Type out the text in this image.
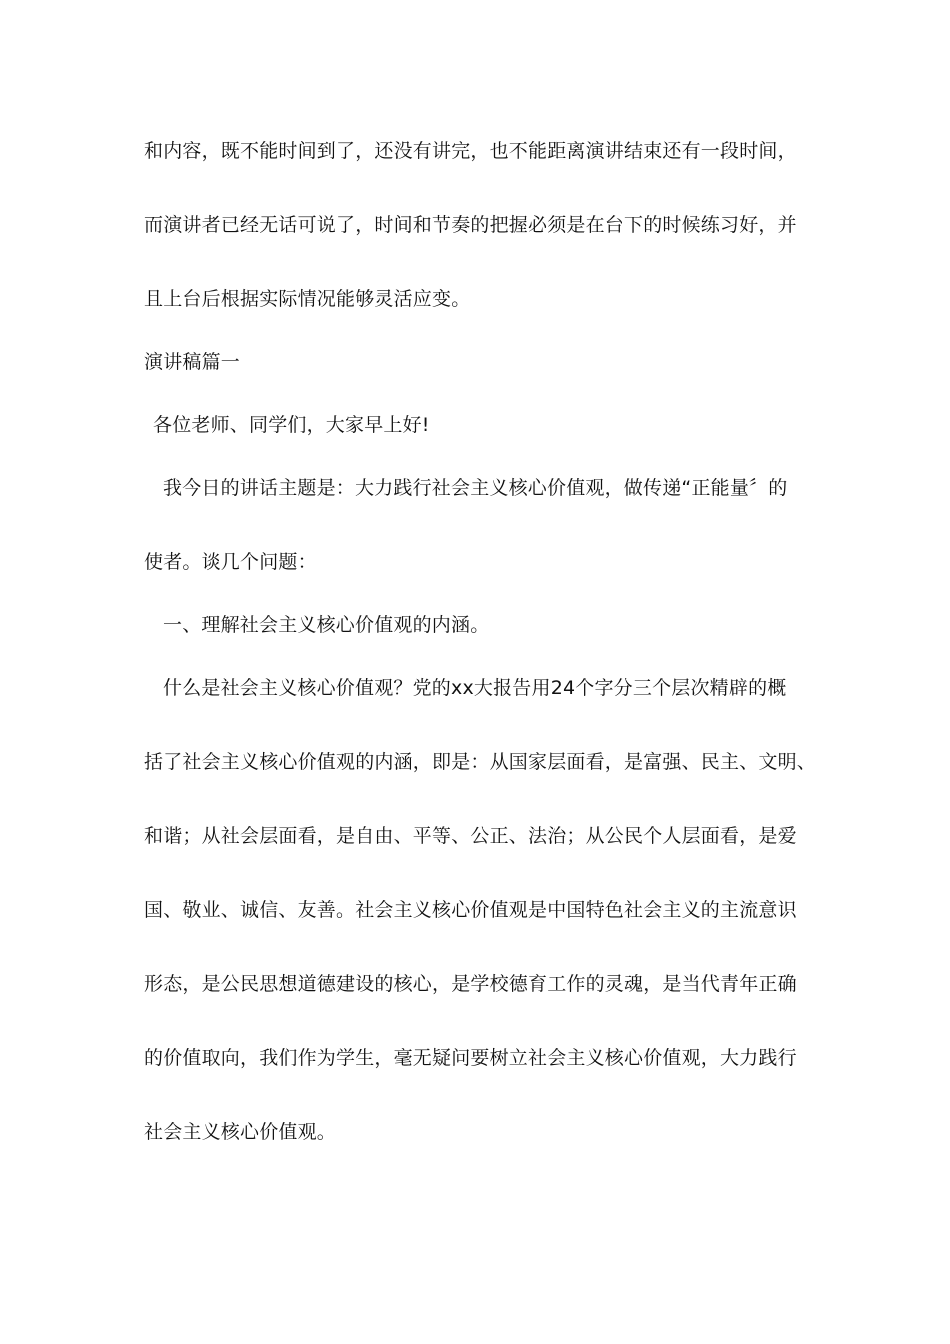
和内容，既不能时间到了，还没有讲完，也不能距离演讲结束还有一段时间，
而演讲者已经无话可说了，时间和节奏的把握必须是在台下的时候练习好，并
且上台后根据实际情况能够灵活应变。
演讲稿篇一
各位老师、同学们，大家早上好!
我今日的讲话主题是：大力践行社会主义核心价值观，做传递“正能量〞的
使者。谈几个问题：
一、理解社会主义核心价值观的内涵。
什么是社会主义核心价值观？党的xx大报告用24个字分三个层次精辟的概
括了社会主义核心价值观的内涵，即是：从国家层面看，是富强、民主、文明、
和谐；从社会层面看，是自由、平等、公正、法治；从公民个人层面看，是爱
国、敬业、诚信、友善。社会主义核心价值观是中国特色社会主义的主流意识
形态，是公民思想道德建设的核心，是学校德育工作的灵魂，是当代青年正确
的价值取向，我们作为学生，毫无疑问要树立社会主义核心价值观，大力践行
社会主义核心价值观。
